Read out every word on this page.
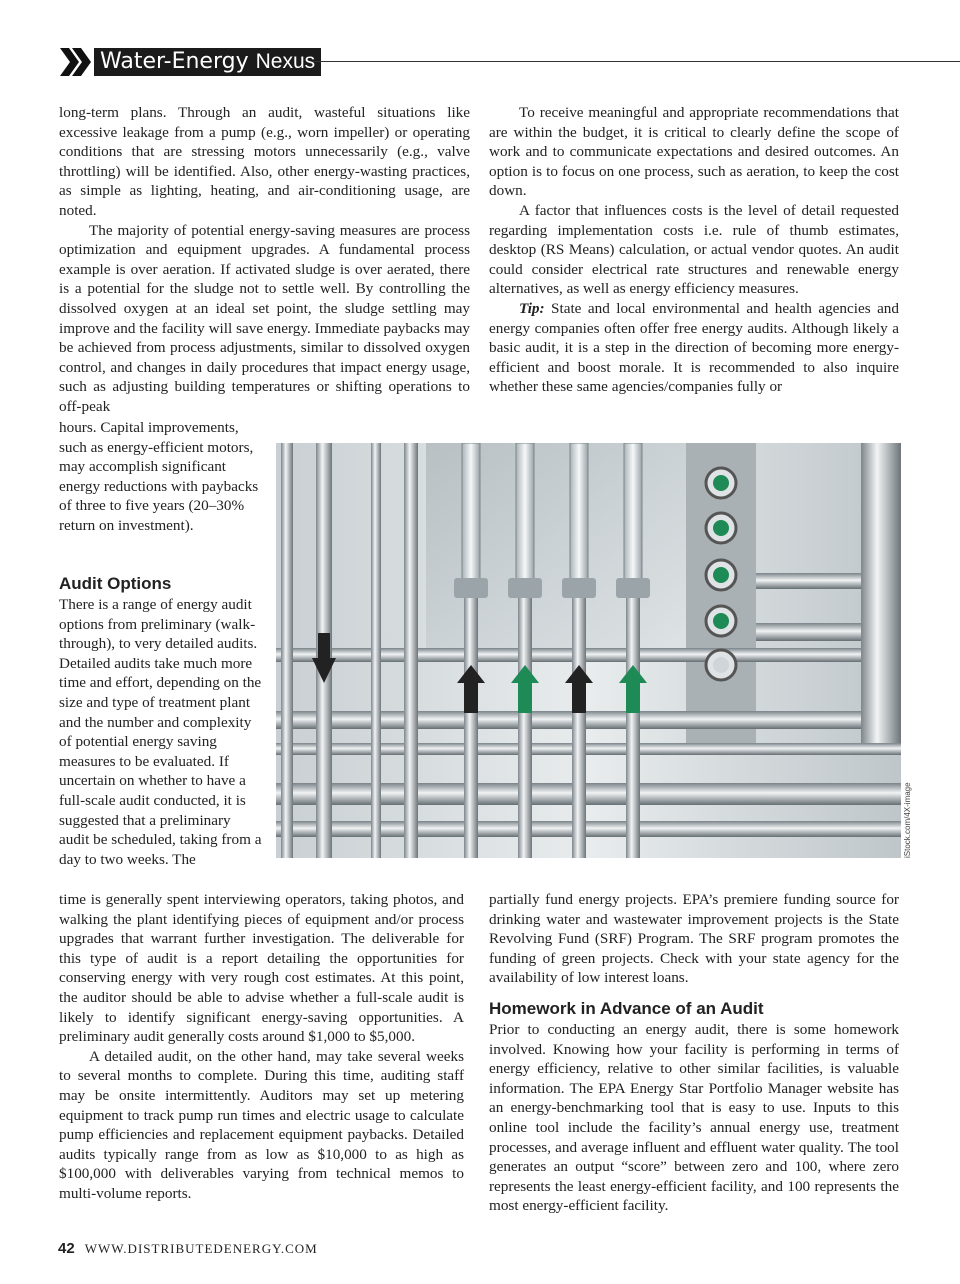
Water-Energy Nexus

long-term plans. Through an audit, wasteful situations like excessive leakage from a pump (e.g., worn impeller) or operating conditions that are stressing motors unnecessarily (e.g., valve throttling) will be identified. Also, other energy-wasting practices, as simple as lighting, heating, and air-conditioning usage, are noted.

The majority of potential energy-saving measures are process optimization and equipment upgrades. A fundamental process example is over aeration. If activated sludge is over aerated, there is a potential for the sludge not to settle well. By controlling the dissolved oxygen at an ideal set point, the sludge settling may improve and the facility will save energy. Immediate paybacks may be achieved from process adjustments, similar to dissolved oxygen control, and changes in daily procedures that impact energy usage, such as adjusting building temperatures or shifting operations to off-peak

hours. Capital improvements, such as energy-efficient motors, may accomplish significant energy reductions with paybacks of three to five years (20–30% return on investment).

Audit Options

There is a range of energy audit options from preliminary (walk-through), to very detailed audits. Detailed audits take much more time and effort, depending on the size and type of treatment plant and the number and complexity of potential energy saving measures to be evaluated. If uncertain on whether to have a full-scale audit conducted, it is suggested that a preliminary audit be scheduled, taking from a day to two weeks. The

time is generally spent interviewing operators, taking photos, and walking the plant identifying pieces of equipment and/or process upgrades that warrant further investigation. The deliverable for this type of audit is a report detailing the opportunities for conserving energy with very rough cost estimates. At this point, the auditor should be able to advise whether a full-scale audit is likely to identify significant energy-saving opportunities. A preliminary audit generally costs around $1,000 to $5,000.

A detailed audit, on the other hand, may take several weeks to several months to complete. During this time, auditing staff may be onsite intermittently. Auditors may set up metering equipment to track pump run times and electric usage to calculate pump efficiencies and replacement equipment paybacks. Detailed audits typically range from as low as $10,000 to as high as $100,000 with deliverables varying from technical memos to multi-volume reports.

To receive meaningful and appropriate recommendations that are within the budget, it is critical to clearly define the scope of work and to communicate expectations and desired outcomes. An option is to focus on one process, such as aeration, to keep the cost down.

A factor that influences costs is the level of detail requested regarding implementation costs i.e. rule of thumb estimates, desktop (RS Means) calculation, or actual vendor quotes. An audit could consider electrical rate structures and renewable energy alternatives, as well as energy efficiency measures.

Tip: State and local environmental and health agencies and energy companies often offer free energy audits. Although likely a basic audit, it is a step in the direction of becoming more energy-efficient and boost morale. It is recommended to also inquire whether these same agencies/companies fully or

iStock.com/4X-image

partially fund energy projects. EPA’s premiere funding source for drinking water and wastewater improvement projects is the State Revolving Fund (SRF) Program. The SRF program promotes the funding of green projects. Check with your state agency for the availability of low interest loans.

Homework in Advance of an Audit

Prior to conducting an energy audit, there is some homework involved. Knowing how your facility is performing in terms of energy efficiency, relative to other similar facilities, is valuable information. The EPA Energy Star Portfolio Manager website has an energy-benchmarking tool that is easy to use. Inputs to this online tool include the facility’s annual energy use, treatment processes, and average influent and effluent water quality. The tool generates an output “score” between zero and 100, where zero represents the least energy-efficient facility, and 100 represents the most energy-efficient facility.

42 WWW.DISTRIBUTEDENERGY.COM
